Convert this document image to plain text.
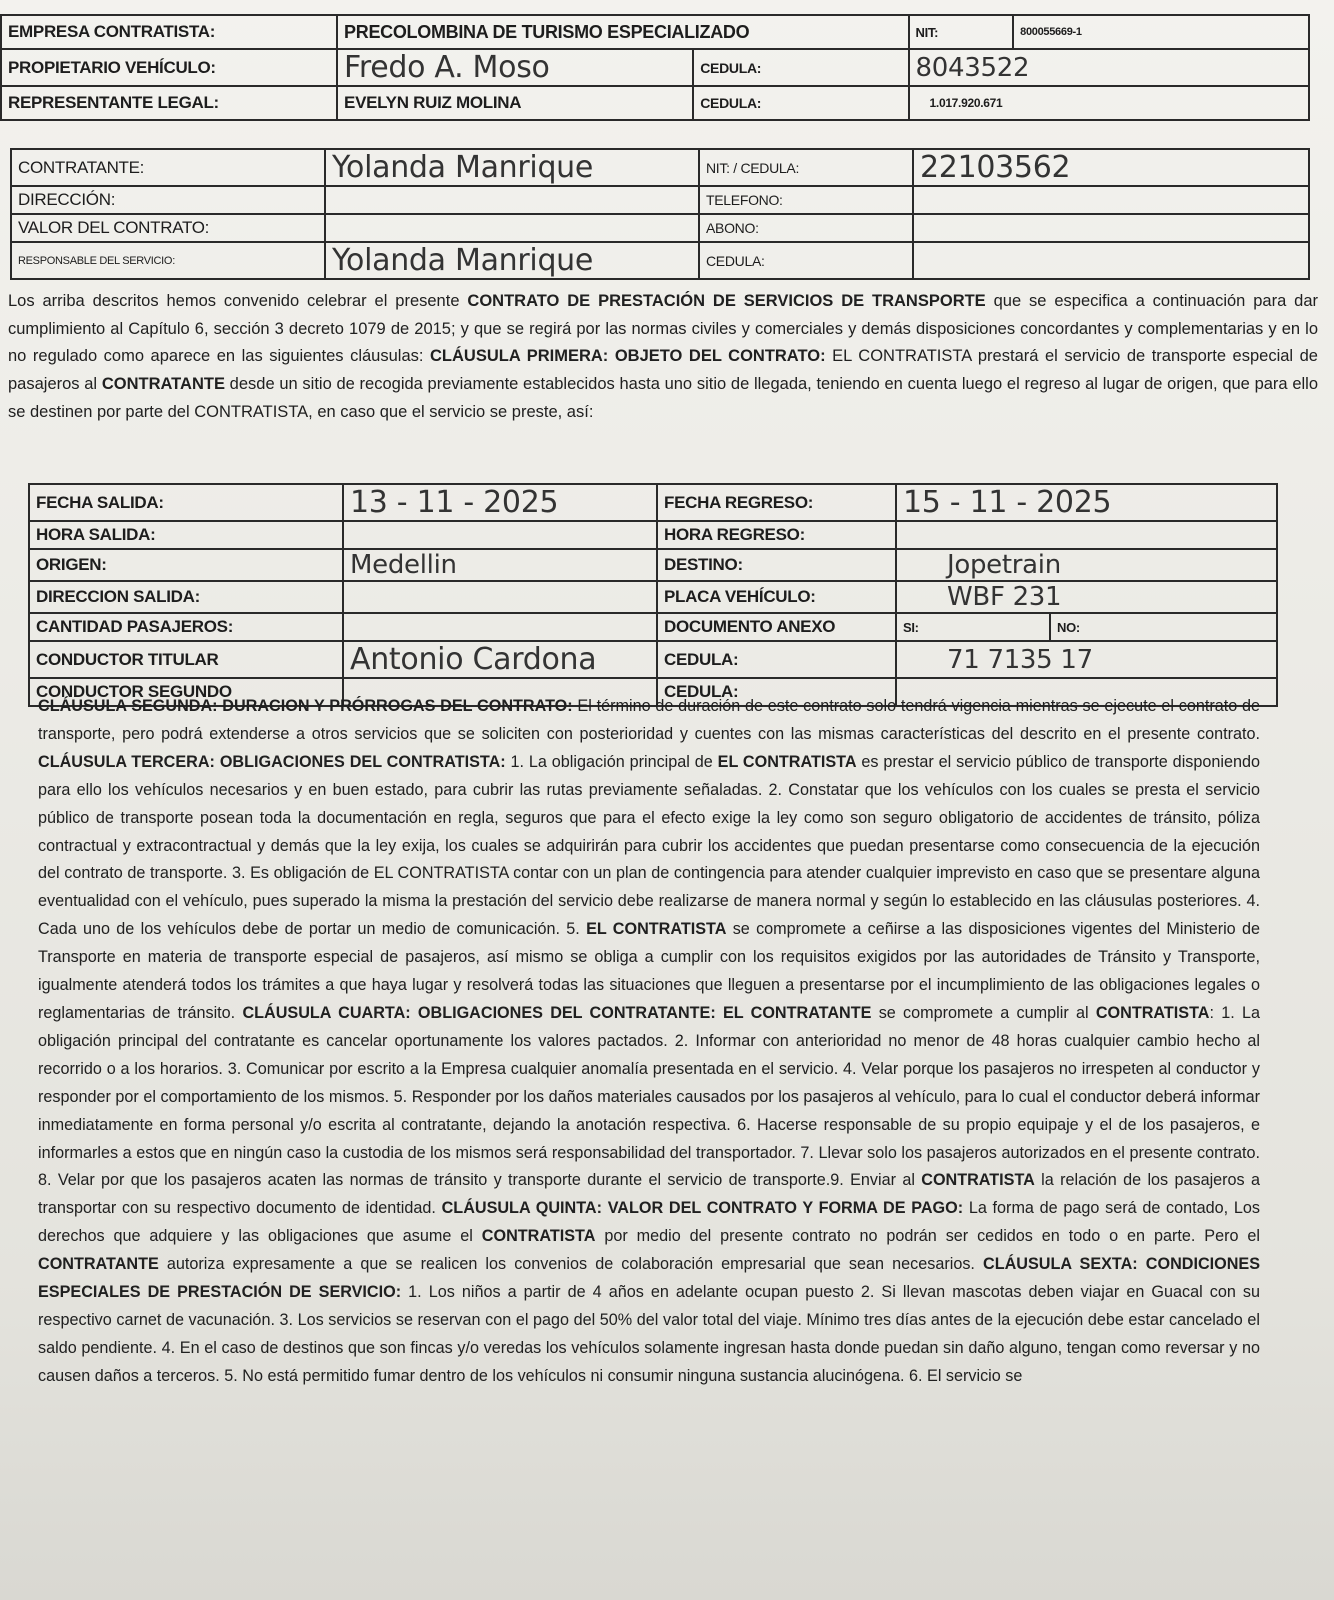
EMPRESA CONTRATISTA:	PRECOLOMBINA DE TURISMO ESPECIALIZADO		NIT:	800055669-1
PROPIETARIO VEHÍCULO:	Fredo A. Moso	CEDULA:	8043522	
REPRESENTANTE LEGAL:	EVELYN RUIZ MOLINA	CEDULA:	1.017.920.671	
CONTRATANTE:	Yolanda Manrique	NIT: / CEDULA:	22103562
DIRECCIÓN:		TELEFONO:	
VALOR DEL CONTRATO:		ABONO:	
RESPONSABLE DEL SERVICIO:	Yolanda Manrique	CEDULA:	
Los arriba descritos hemos convenido celebrar el presente CONTRATO DE PRESTACIÓN DE SERVICIOS DE TRANSPORTE que se especifica a continuación para dar cumplimiento al Capítulo 6, sección 3 decreto 1079 de 2015; y que se regirá por las normas civiles y comerciales y demás disposiciones concordantes y complementarias y en lo no regulado como aparece en las siguientes cláusulas: CLÁUSULA PRIMERA: OBJETO DEL CONTRATO: EL CONTRATISTA prestará el servicio de transporte especial de pasajeros al CONTRATANTE desde un sitio de recogida previamente establecidos hasta uno sitio de llegada, teniendo en cuenta luego el regreso al lugar de origen, que para ello se destinen por parte del CONTRATISTA, en caso que el servicio se preste, así:
FECHA SALIDA:	13 - 11 - 2025	FECHA REGRESO:	15 - 11 - 2025	
HORA SALIDA:		HORA REGRESO:		
ORIGEN:	Medellin	DESTINO:	Jopetrain	
DIRECCION SALIDA:		PLACA VEHÍCULO:	WBF 231	
CANTIDAD PASAJEROS:		DOCUMENTO ANEXO	SI:	NO:
CONDUCTOR TITULAR	Antonio Cardona	CEDULA:	71 7135 17	
CONDUCTOR SEGUNDO		CEDULA:		
CLÁUSULA SEGUNDA: DURACION Y PRÓRROGAS DEL CONTRATO: El término de duración de este contrato solo tendrá vigencia mientras se ejecute el contrato de transporte, pero podrá extenderse a otros servicios que se soliciten con posterioridad y cuentes con las mismas características del descrito en el presente contrato. CLÁUSULA TERCERA: OBLIGACIONES DEL CONTRATISTA: 1. La obligación principal de EL CONTRATISTA es prestar el servicio público de transporte disponiendo para ello los vehículos necesarios y en buen estado, para cubrir las rutas previamente señaladas. 2. Constatar que los vehículos con los cuales se presta el servicio público de transporte posean toda la documentación en regla, seguros que para el efecto exige la ley como son seguro obligatorio de accidentes de tránsito, póliza contractual y extracontractual y demás que la ley exija, los cuales se adquirirán para cubrir los accidentes que puedan presentarse como consecuencia de la ejecución del contrato de transporte. 3. Es obligación de EL CONTRATISTA contar con un plan de contingencia para atender cualquier imprevisto en caso que se presentare alguna eventualidad con el vehículo, pues superado la misma la prestación del servicio debe realizarse de manera normal y según lo establecido en las cláusulas posteriores. 4. Cada uno de los vehículos debe de portar un medio de comunicación. 5. EL CONTRATISTA se compromete a ceñirse a las disposiciones vigentes del Ministerio de Transporte en materia de transporte especial de pasajeros, así mismo se obliga a cumplir con los requisitos exigidos por las autoridades de Tránsito y Transporte, igualmente atenderá todos los trámites a que haya lugar y resolverá todas las situaciones que lleguen a presentarse por el incumplimiento de las obligaciones legales o reglamentarias de tránsito. CLÁUSULA CUARTA: OBLIGACIONES DEL CONTRATANTE: EL CONTRATANTE se compromete a cumplir al CONTRATISTA: 1. La obligación principal del contratante es cancelar oportunamente los valores pactados. 2. Informar con anterioridad no menor de 48 horas cualquier cambio hecho al recorrido o a los horarios. 3. Comunicar por escrito a la Empresa cualquier anomalía presentada en el servicio. 4. Velar porque los pasajeros no irrespeten al conductor y responder por el comportamiento de los mismos. 5. Responder por los daños materiales causados por los pasajeros al vehículo, para lo cual el conductor deberá informar inmediatamente en forma personal y/o escrita al contratante, dejando la anotación respectiva. 6. Hacerse responsable de su propio equipaje y el de los pasajeros, e informarles a estos que en ningún caso la custodia de los mismos será responsabilidad del transportador. 7. Llevar solo los pasajeros autorizados en el presente contrato. 8. Velar por que los pasajeros acaten las normas de tránsito y transporte durante el servicio de transporte.9. Enviar al CONTRATISTA la relación de los pasajeros a transportar con su respectivo documento de identidad. CLÁUSULA QUINTA: VALOR DEL CONTRATO Y FORMA DE PAGO: La forma de pago será de contado, Los derechos que adquiere y las obligaciones que asume el CONTRATISTA por medio del presente contrato no podrán ser cedidos en todo o en parte. Pero el CONTRATANTE autoriza expresamente a que se realicen los convenios de colaboración empresarial que sean necesarios. CLÁUSULA SEXTA: CONDICIONES ESPECIALES DE PRESTACIÓN DE SERVICIO: 1. Los niños a partir de 4 años en adelante ocupan puesto 2. Si llevan mascotas deben viajar en Guacal con su respectivo carnet de vacunación. 3. Los servicios se reservan con el pago del 50% del valor total del viaje. Mínimo tres días antes de la ejecución debe estar cancelado el saldo pendiente. 4. En el caso de destinos que son fincas y/o veredas los vehículos solamente ingresan hasta donde puedan sin daño alguno, tengan como reversar y no causen daños a terceros. 5. No está permitido fumar dentro de los vehículos ni consumir ninguna sustancia alucinógena. 6. El servicio se
